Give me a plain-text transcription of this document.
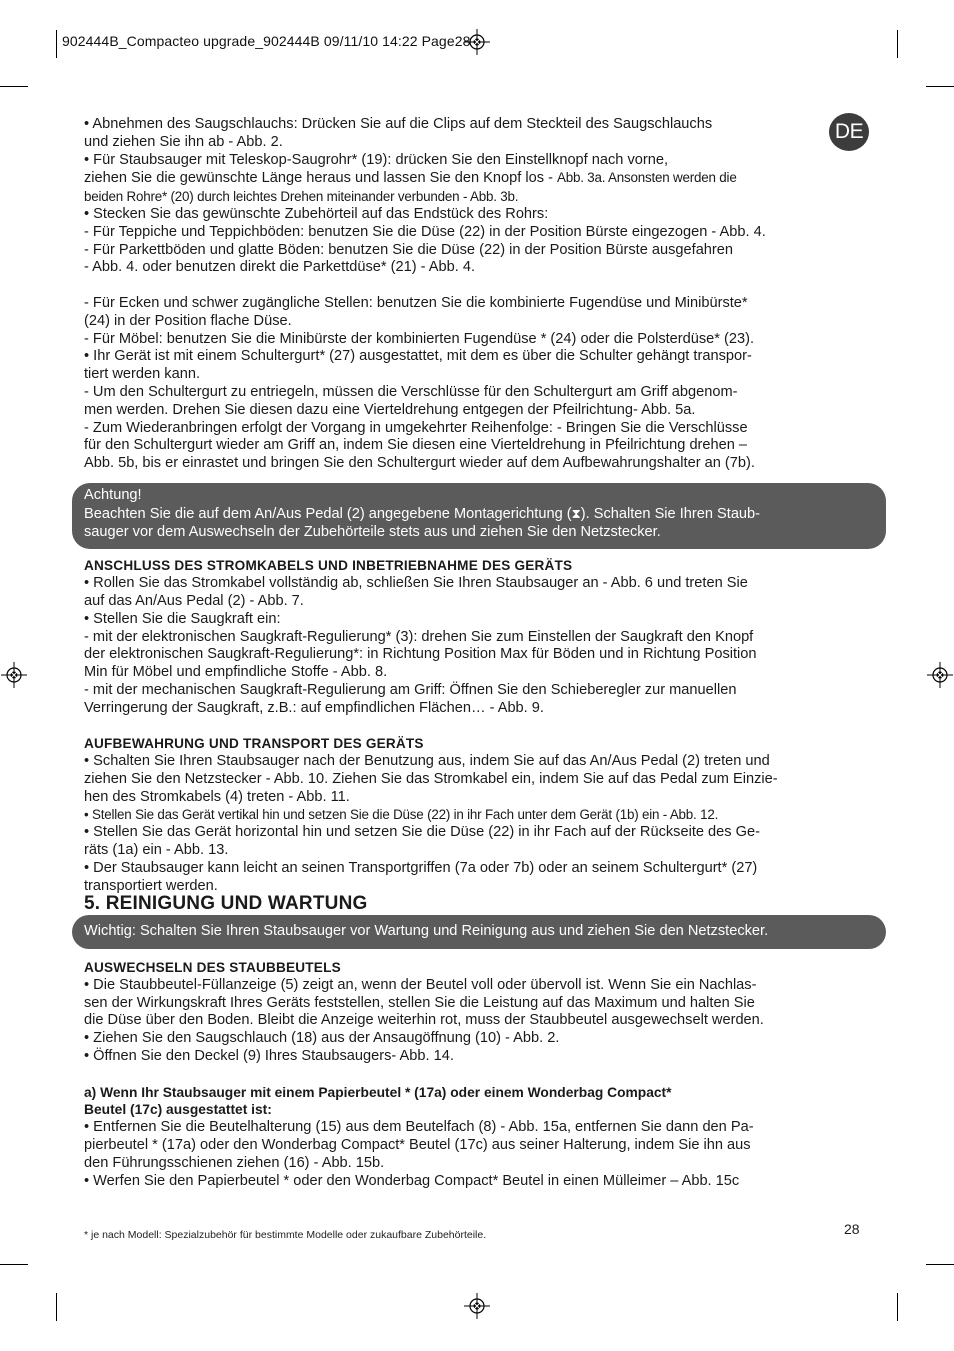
902444B_Compacteo upgrade_902444B 09/11/10 14:22 Page28
DE

• Abnehmen des Saugschlauchs: Drücken Sie auf die Clips auf dem Steckteil des Saugschlauchs

und ziehen Sie ihn ab - Abb. 2.

• Für Staubsauger mit Teleskop-Saugrohr* (19): drücken Sie den Einstellknopf nach vorne,

ziehen Sie die gewünschte Länge heraus und lassen Sie den Knopf los - Abb. 3a. Ansonsten werden die

beiden Rohre* (20) durch leichtes Drehen miteinander verbunden - Abb. 3b.

• Stecken Sie das gewünschte Zubehörteil auf das Endstück des Rohrs:

- Für Teppiche und Teppichböden: benutzen Sie die Düse (22) in der Position Bürste eingezogen - Abb. 4.

- Für Parkettböden und glatte Böden: benutzen Sie die Düse (22) in der Position Bürste ausgefahren

- Abb. 4. oder benutzen direkt die Parkettdüse* (21) - Abb. 4.

- Für Ecken und schwer zugängliche Stellen: benutzen Sie die kombinierte Fugendüse und Minibürste*

(24) in der Position flache Düse.

- Für Möbel: benutzen Sie die Minibürste der kombinierten Fugendüse * (24) oder die Polsterdüse* (23).

• Ihr Gerät ist mit einem Schultergurt* (27) ausgestattet, mit dem es über die Schulter gehängt transpor-

tiert werden kann.

- Um den Schultergurt zu entriegeln, müssen die Verschlüsse für den Schultergurt am Griff abgenom-

men werden. Drehen Sie diesen dazu eine Vierteldrehung entgegen der Pfeilrichtung- Abb. 5a.

- Zum Wiederanbringen erfolgt der Vorgang in umgekehrter Reihenfolge: - Bringen Sie die Verschlüsse

für den Schultergurt wieder am Griff an, indem Sie diesen eine Vierteldrehung in Pfeilrichtung drehen –

Abb. 5b, bis er einrastet und bringen Sie den Schultergurt wieder auf dem Aufbewahrungshalter an (7b).

Achtung!

Beachten Sie die auf dem An/Aus Pedal (2) angegebene Montagerichtung (⧗). Schalten Sie Ihren Staub-

sauger vor dem Auswechseln der Zubehörteile stets aus und ziehen Sie den Netzstecker.

ANSCHLUSS DES STROMKABELS UND INBETRIEBNAHME DES GERÄTS

• Rollen Sie das Stromkabel vollständig ab, schließen Sie Ihren Staubsauger an - Abb. 6 und treten Sie

auf das An/Aus Pedal (2) - Abb. 7.

• Stellen Sie die Saugkraft ein:

- mit der elektronischen Saugkraft-Regulierung* (3): drehen Sie zum Einstellen der Saugkraft den Knopf

der elektronischen Saugkraft-Regulierung*: in Richtung Position Max für Böden und in Richtung Position

Min für Möbel und empfindliche Stoffe - Abb. 8.

- mit der mechanischen Saugkraft-Regulierung am Griff: Öffnen Sie den Schieberegler zur manuellen

Verringerung der Saugkraft, z.B.: auf empfindlichen Flächen… - Abb. 9.

AUFBEWAHRUNG UND TRANSPORT DES GERÄTS

• Schalten Sie Ihren Staubsauger nach der Benutzung aus, indem Sie auf das An/Aus Pedal (2) treten und

ziehen Sie den Netzstecker - Abb. 10. Ziehen Sie das Stromkabel ein, indem Sie auf das Pedal zum Einzie-

hen des Stromkabels (4) treten - Abb. 11.

• Stellen Sie das Gerät vertikal hin und setzen Sie die Düse (22) in ihr Fach unter dem Gerät (1b) ein - Abb. 12.

• Stellen Sie das Gerät horizontal hin und setzen Sie die Düse (22) in ihr Fach auf der Rückseite des Ge-

räts (1a) ein - Abb. 13.

• Der Staubsauger kann leicht an seinen Transportgriffen (7a oder 7b) oder an seinem Schultergurt* (27)

transportiert werden.

5. REINIGUNG UND WARTUNG

Wichtig: Schalten Sie Ihren Staubsauger vor Wartung und Reinigung aus und ziehen Sie den Netzstecker.

AUSWECHSELN DES STAUBBEUTELS

• Die Staubbeutel-Füllanzeige (5) zeigt an, wenn der Beutel voll oder übervoll ist. Wenn Sie ein Nachlas-

sen der Wirkungskraft Ihres Geräts feststellen, stellen Sie die Leistung auf das Maximum und halten Sie

die Düse über den Boden. Bleibt die Anzeige weiterhin rot, muss der Staubbeutel ausgewechselt werden.

• Ziehen Sie den Saugschlauch (18) aus der Ansaugöffnung (10) - Abb. 2.

• Öffnen Sie den Deckel (9) Ihres Staubsaugers- Abb. 14.

a) Wenn Ihr Staubsauger mit einem Papierbeutel * (17a) oder einem Wonderbag Compact*

Beutel (17c) ausgestattet ist:

• Entfernen Sie die Beutelhalterung (15) aus dem Beutelfach (8) - Abb. 15a, entfernen Sie dann den Pa-

pierbeutel * (17a) oder den Wonderbag Compact* Beutel (17c) aus seiner Halterung, indem Sie ihn aus

den Führungsschienen ziehen (16) - Abb. 15b.

• Werfen Sie den Papierbeutel * oder den Wonderbag Compact* Beutel in einen Mülleimer – Abb. 15c

* je nach Modell: Spezialzubehör für bestimmte Modelle oder zukaufbare Zubehörteile.	28
